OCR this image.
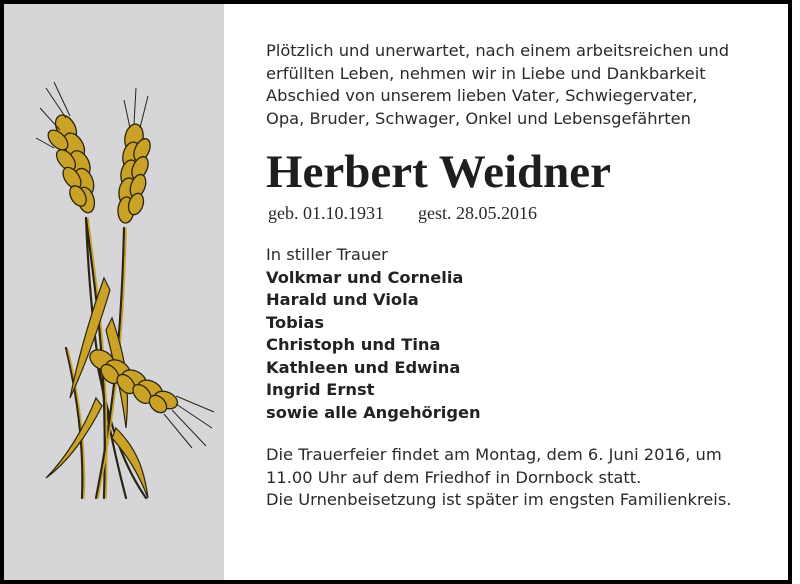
Plötzlich und unerwartet, nach einem arbeitsreichen und
erfüllten Leben, nehmen wir in Liebe und Dankbarkeit
Abschied von unserem lieben Vater, Schwiegervater,
Opa, Bruder, Schwager, Onkel und Lebensgefährten

Herbert Weidner
geb. 01.10.1931 gest. 28.05.2016

In stiller Trauer

Volkmar und Cornelia
Harald und Viola
Tobias
Christoph und Tina
Kathleen und Edwina
Ingrid Ernst
sowie alle Angehörigen

Die Trauerfeier findet am Montag, dem 6. Juni 2016, um
11.00 Uhr auf dem Friedhof in Dornbock statt.
Die Urnenbeisetzung ist später im engsten Familienkreis.
